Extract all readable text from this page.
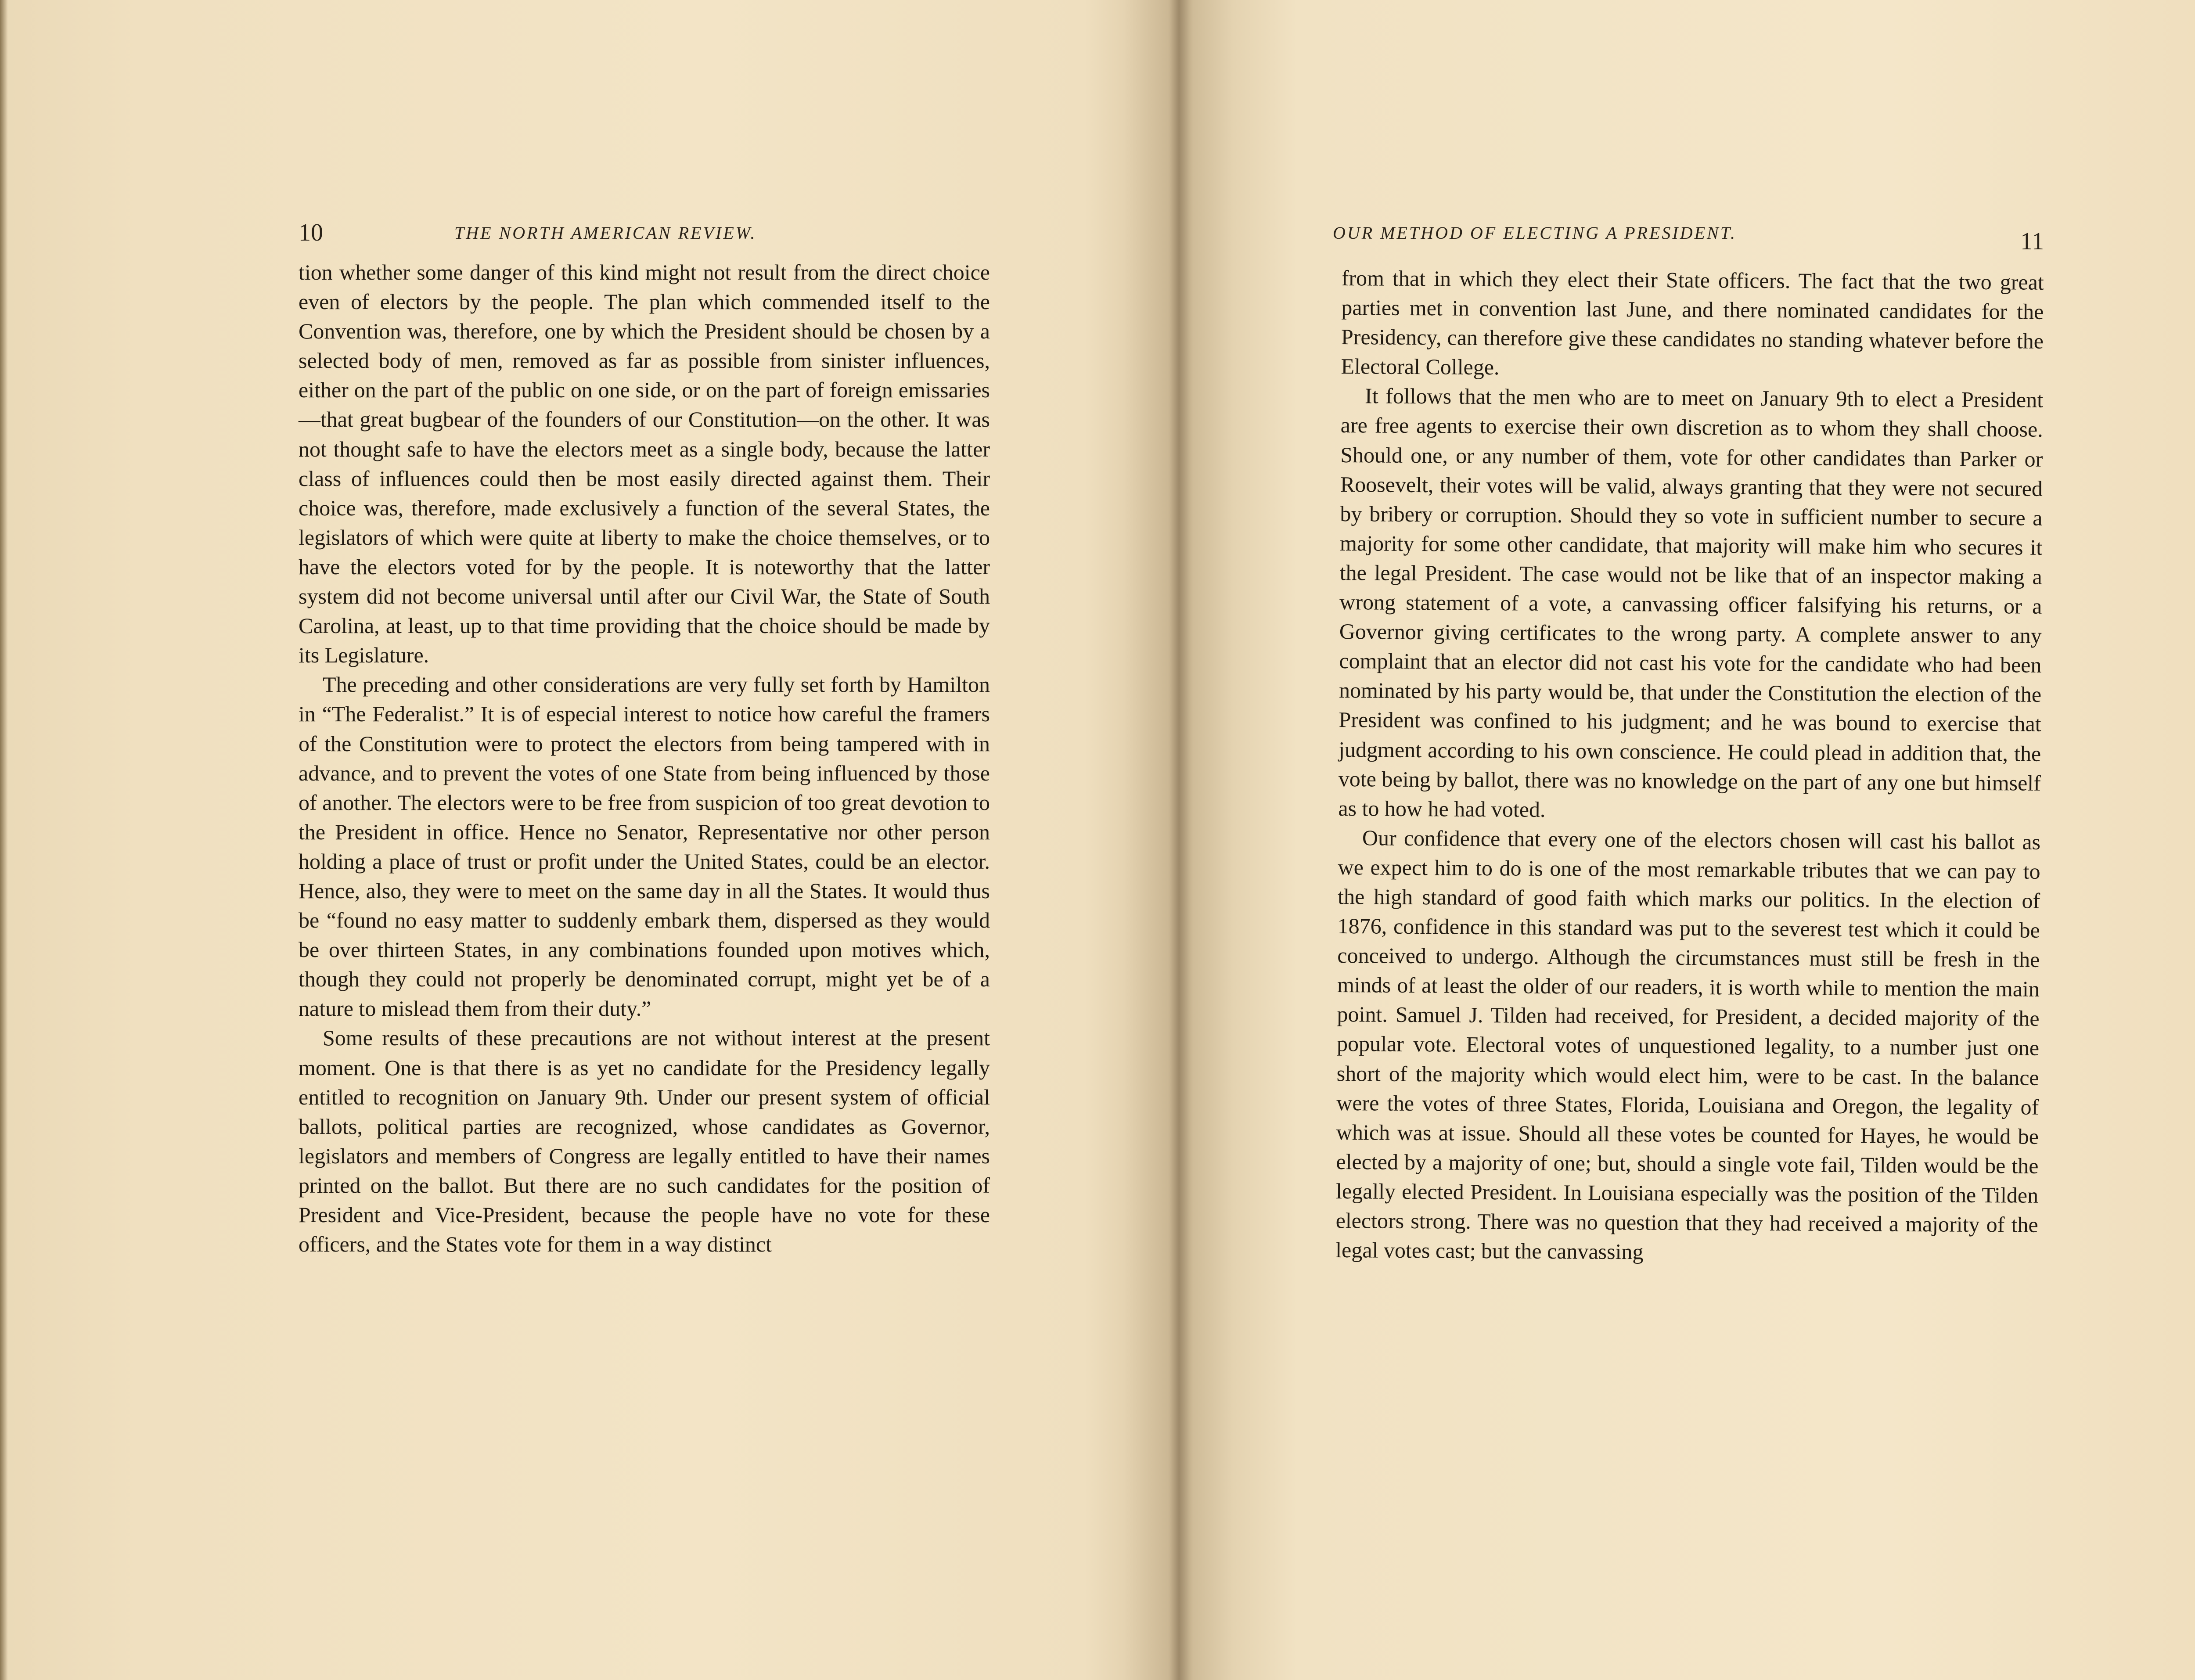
10	THE NORTH AMERICAN REVIEW.

tion whether some danger of this kind might not result from the direct choice even of electors by the people. The plan which commended itself to the Convention was, therefore, one by which the President should be chosen by a selected body of men, removed as far as possible from sinister influences, either on the part of the public on one side, or on the part of foreign emissaries—that great bugbear of the founders of our Constitution—on the other. It was not thought safe to have the electors meet as a single body, because the latter class of influences could then be most easily directed against them. Their choice was, therefore, made exclusively a function of the several States, the legislators of which were quite at liberty to make the choice themselves, or to have the electors voted for by the people. It is noteworthy that the latter system did not become universal until after our Civil War, the State of South Carolina, at least, up to that time providing that the choice should be made by its Legislature.

The preceding and other considerations are very fully set forth by Hamilton in “The Federalist.” It is of especial interest to notice how careful the framers of the Constitution were to protect the electors from being tampered with in advance, and to prevent the votes of one State from being influenced by those of another. The electors were to be free from suspicion of too great devotion to the President in office. Hence no Senator, Representative nor other person holding a place of trust or profit under the United States, could be an elector. Hence, also, they were to meet on the same day in all the States. It would thus be “found no easy matter to suddenly embark them, dispersed as they would be over thirteen States, in any combinations founded upon motives which, though they could not properly be denominated corrupt, might yet be of a nature to mislead them from their duty.”

Some results of these precautions are not without interest at the present moment. One is that there is as yet no candidate for the Presidency legally entitled to recognition on January 9th. Under our present system of official ballots, political parties are recognized, whose candidates as Governor, legislators and members of Congress are legally entitled to have their names printed on the ballot. But there are no such candidates for the position of President and Vice-President, because the people have no vote for these officers, and the States vote for them in a way distinct

OUR METHOD OF ELECTING A PRESIDENT.	11

from that in which they elect their State officers. The fact that the two great parties met in convention last June, and there nominated candidates for the Presidency, can therefore give these candidates no standing whatever before the Electoral College.

It follows that the men who are to meet on January 9th to elect a President are free agents to exercise their own discretion as to whom they shall choose. Should one, or any number of them, vote for other candidates than Parker or Roosevelt, their votes will be valid, always granting that they were not secured by bribery or corruption. Should they so vote in sufficient number to secure a majority for some other candidate, that majority will make him who secures it the legal President. The case would not be like that of an inspector making a wrong statement of a vote, a canvassing officer falsifying his returns, or a Governor giving certificates to the wrong party. A complete answer to any complaint that an elector did not cast his vote for the candidate who had been nominated by his party would be, that under the Constitution the election of the President was confined to his judgment; and he was bound to exercise that judgment according to his own conscience. He could plead in addition that, the vote being by ballot, there was no knowledge on the part of any one but himself as to how he had voted.

Our confidence that every one of the electors chosen will cast his ballot as we expect him to do is one of the most remarkable tributes that we can pay to the high standard of good faith which marks our politics. In the election of 1876, confidence in this standard was put to the severest test which it could be conceived to undergo. Although the circumstances must still be fresh in the minds of at least the older of our readers, it is worth while to mention the main point. Samuel J. Tilden had received, for President, a decided majority of the popular vote. Electoral votes of unquestioned legality, to a number just one short of the majority which would elect him, were to be cast. In the balance were the votes of three States, Florida, Louisiana and Oregon, the legality of which was at issue. Should all these votes be counted for Hayes, he would be elected by a majority of one; but, should a single vote fail, Tilden would be the legally elected President. In Louisiana especially was the position of the Tilden electors strong. There was no question that they had received a majority of the legal votes cast; but the canvassing
